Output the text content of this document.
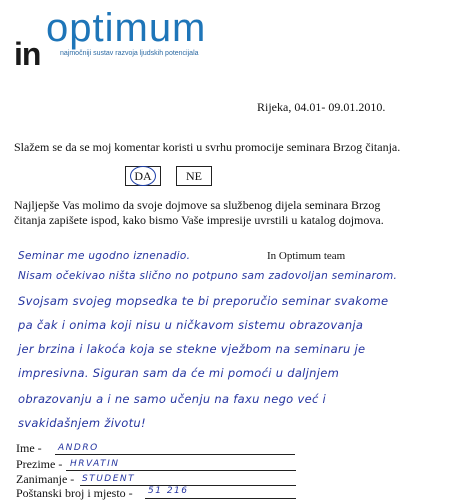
optimum
in	najmočniji sustav razvoja ljudskih potencijala
Rijeka, 04.01- 09.01.2010.
Slažem se da se moj komentar koristi u svrhu promocije seminara Brzog čitanja.
DA	NE
Najljepše Vas molimo da svoje dojmove sa službenog dijela seminara Brzog
čitanja zapišete ispod, kako bismo Vaše impresije uvrstili u katalog dojmova.
Seminar me ugodno iznenadio.	In Optimum team
Nisam očekivao ništa slično no potpuno sam zadovoljan seminarom.
Svojsam svojeg mopsedka te bi preporučio seminar svakome
pa čak i onima koji nisu u ničkavom sistemu obrazovanja
jer brzina i lakoća koja se stekne vježbom na seminaru je
impresivna. Siguran sam da će mi pomoći u daljnjem
obrazovanju a i ne samo učenju na faxu nego već i
svakidašnjem životu!
Ime - ANDRO
Prezime - HRVATIN
Zanimanje - STUDENT
Poštanski broj i mjesto - 51 216
